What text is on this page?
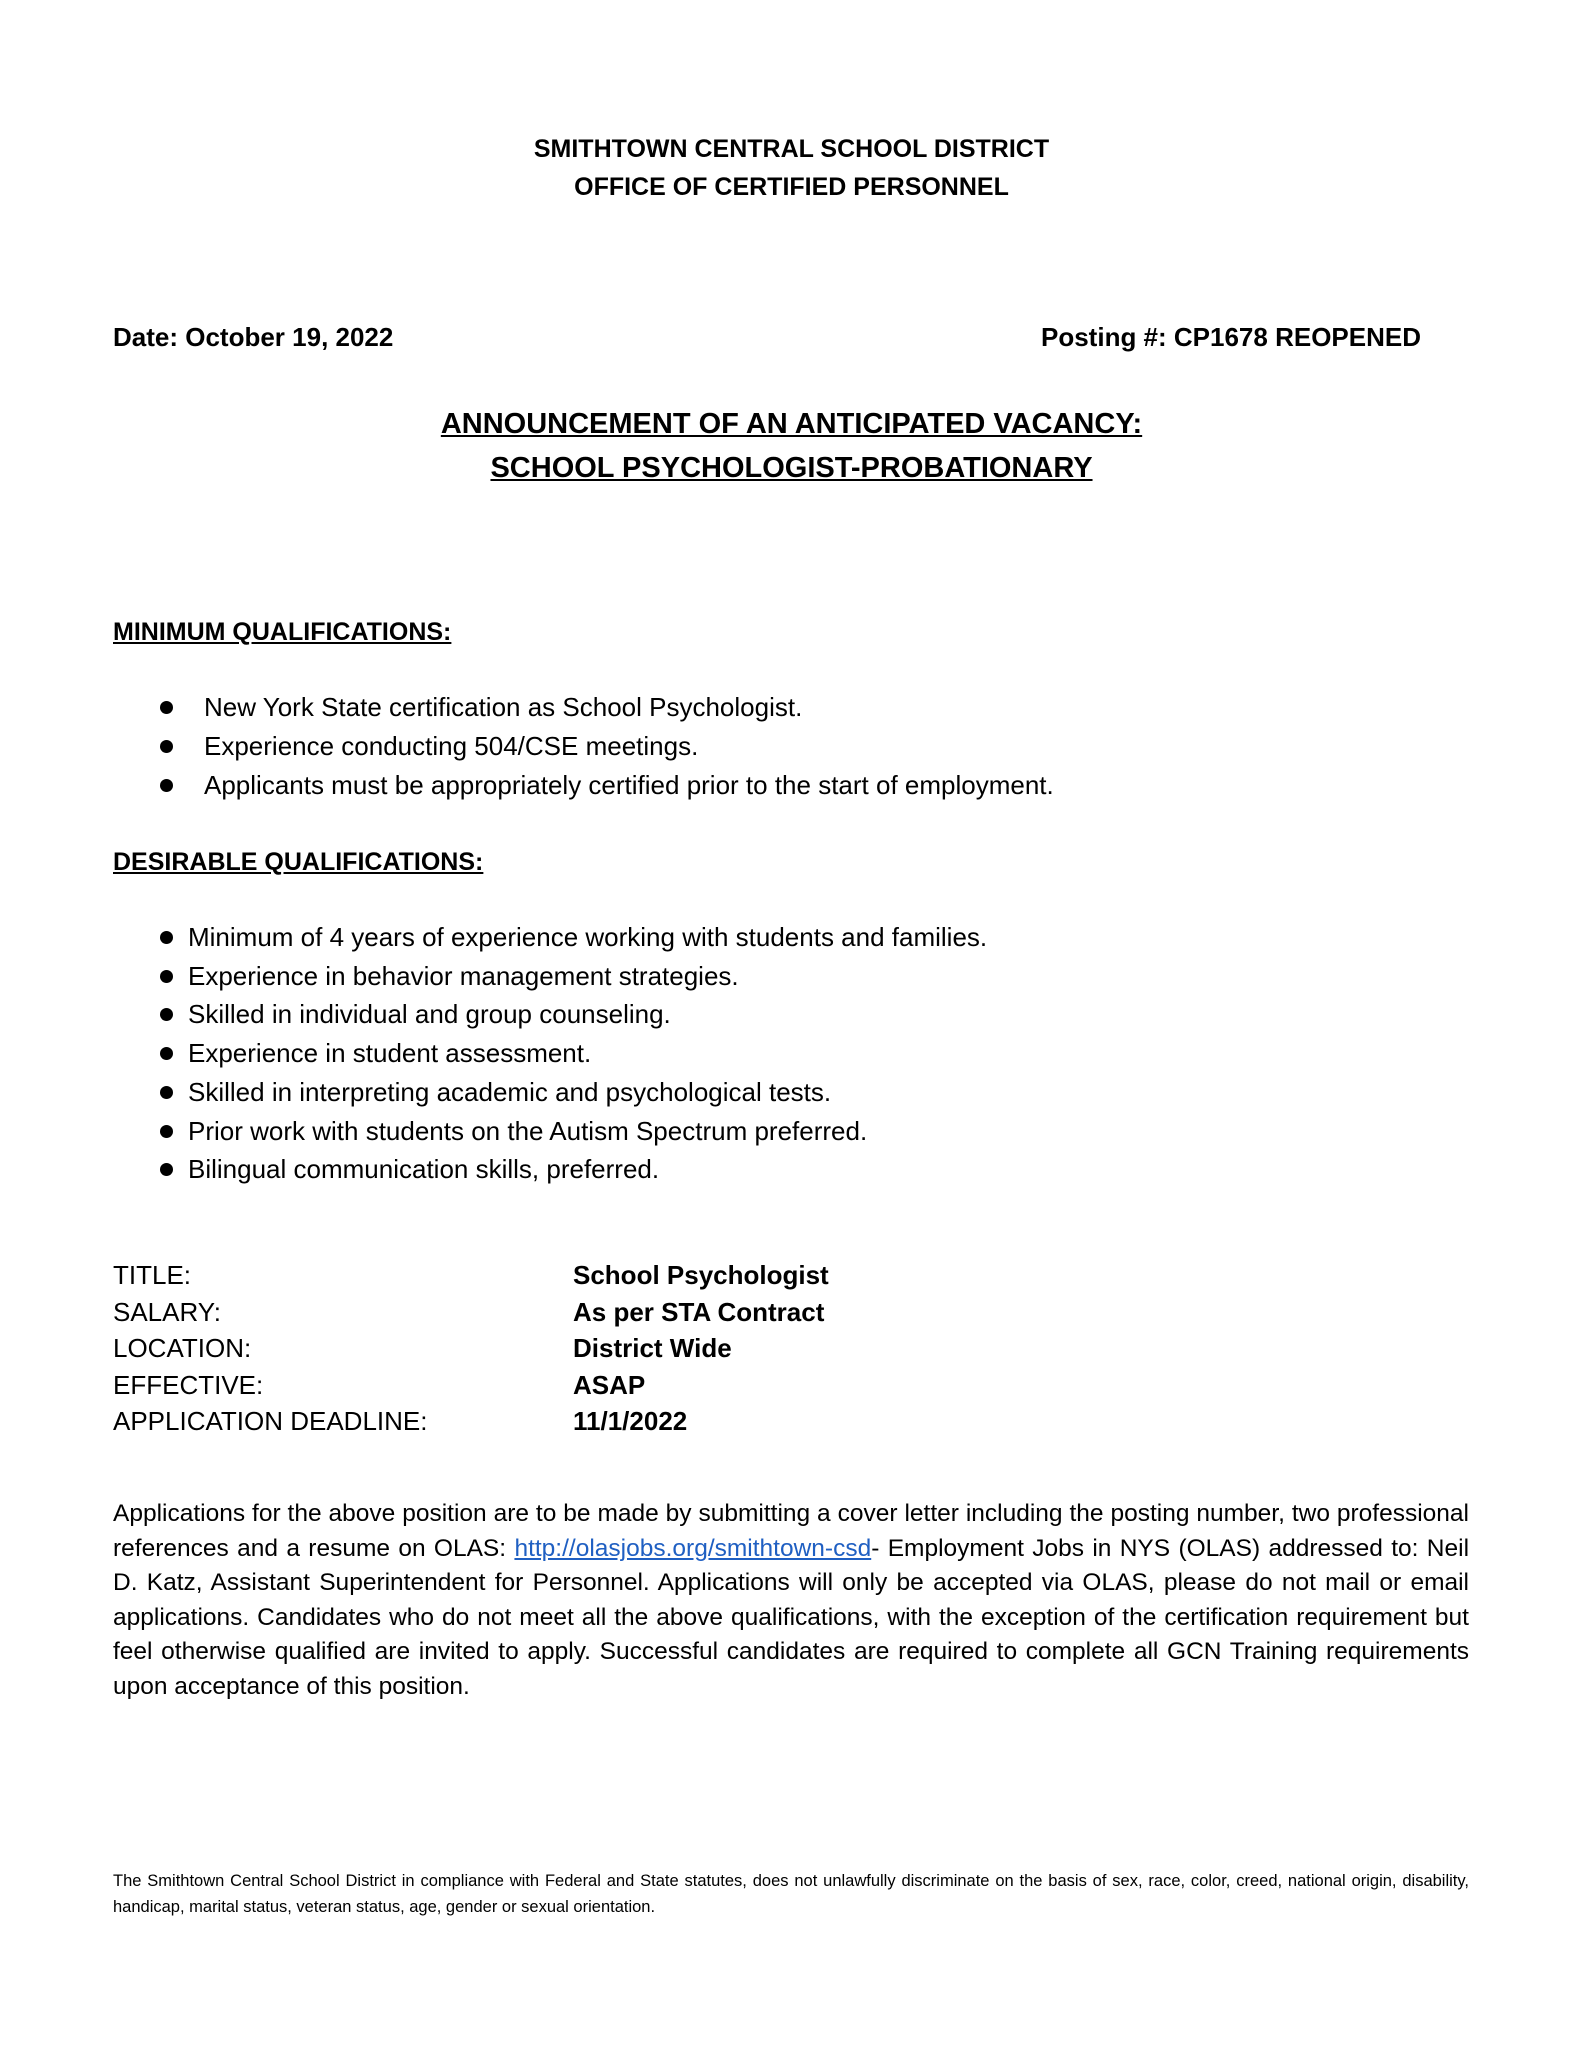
SMITHTOWN CENTRAL SCHOOL DISTRICT
OFFICE OF CERTIFIED PERSONNEL
Date: October 19, 2022	Posting #: CP1678 REOPENED
ANNOUNCEMENT OF AN ANTICIPATED VACANCY:
SCHOOL PSYCHOLOGIST-PROBATIONARY
MINIMUM QUALIFICATIONS:
New York State certification as School Psychologist.
Experience conducting 504/CSE meetings.
Applicants must be appropriately certified prior to the start of employment.
DESIRABLE QUALIFICATIONS:
Minimum of 4 years of experience working with students and families.
Experience in behavior management strategies.
Skilled in individual and group counseling.
Experience in student assessment.
Skilled in interpreting academic and psychological tests.
Prior work with students on the Autism Spectrum preferred.
Bilingual communication skills, preferred.
TITLE:	School Psychologist
SALARY:	As per STA Contract
LOCATION:	District Wide
EFFECTIVE:	ASAP
APPLICATION DEADLINE:	11/1/2022
Applications for the above position are to be made by submitting a cover letter including the posting number, two professional references and a resume on OLAS: http://olasjobs.org/smithtown-csd- Employment Jobs in NYS (OLAS) addressed to: Neil D. Katz, Assistant Superintendent for Personnel. Applications will only be accepted via OLAS, please do not mail or email applications. Candidates who do not meet all the above qualifications, with the exception of the certification requirement but feel otherwise qualified are invited to apply. Successful candidates are required to complete all GCN Training requirements upon acceptance of this position.
The Smithtown Central School District in compliance with Federal and State statutes, does not unlawfully discriminate on the basis of sex, race, color, creed, national origin, disability, handicap, marital status, veteran status, age, gender or sexual orientation.
